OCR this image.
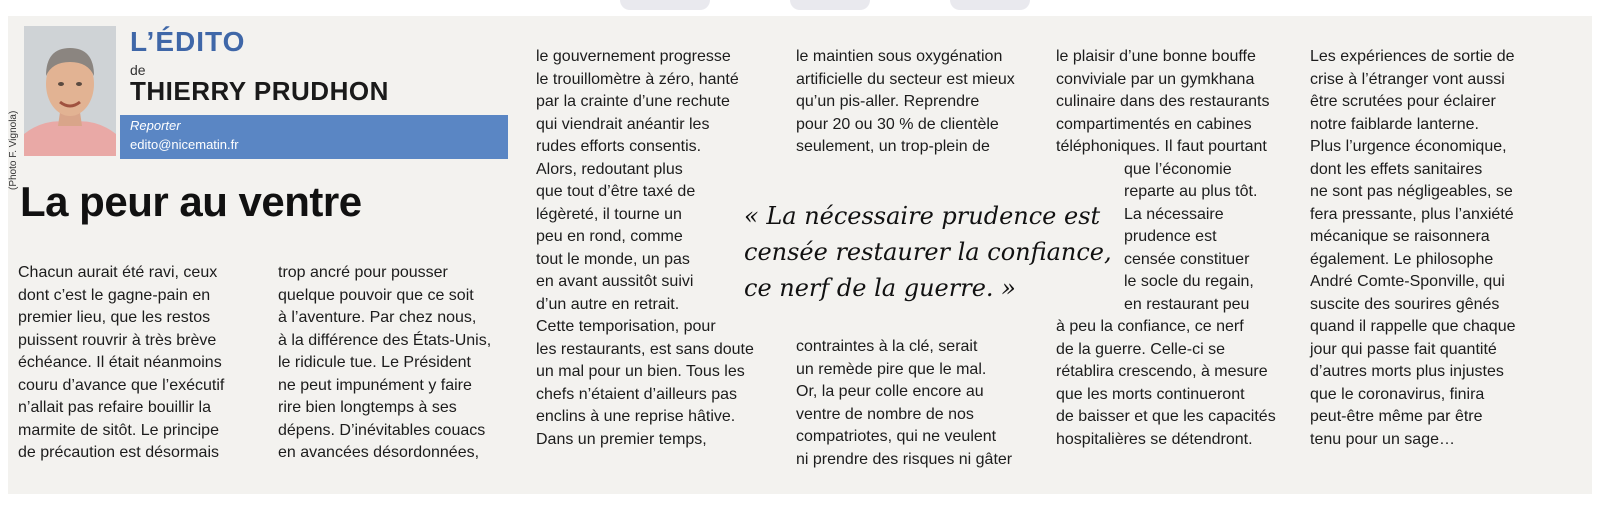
(Photo F. Vignola)
L’ÉDITO
de
THIERRY PRUDHON
Reporter
edito@nicematin.fr
La peur au ventre
Chacun aurait été ravi, ceux
dont c’est le gagne-pain en
premier lieu, que les restos
puissent rouvrir à très brève
échéance. Il était néanmoins
couru d’avance que l’exécutif
n’allait pas refaire bouillir la
marmite de sitôt. Le principe
de précaution est désormais
trop ancré pour pousser
quelque pouvoir que ce soit
à l’aventure. Par chez nous,
à la différence des États-Unis,
le ridicule tue. Le Président
ne peut impunément y faire
rire bien longtemps à ses
dépens. D’inévitables couacs
en avancées désordonnées,
le gouvernement progresse
le trouillomètre à zéro, hanté
par la crainte d’une rechute
qui viendrait anéantir les
rudes efforts consentis.
Alors, redoutant plus
que tout d’être taxé de
légèreté, il tourne un
peu en rond, comme
tout le monde, un pas
en avant aussitôt suivi
d’un autre en retrait.
Cette temporisation, pour
les restaurants, est sans doute
un mal pour un bien. Tous les
chefs n’étaient d’ailleurs pas
enclins à une reprise hâtive.
Dans un premier temps,
le maintien sous oxygénation
artificielle du secteur est mieux
qu’un pis-aller. Reprendre
pour 20 ou 30 % de clientèle
seulement, un trop-plein de
contraintes à la clé, serait
un remède pire que le mal.
Or, la peur colle encore au
ventre de nombre de nos
compatriotes, qui ne veulent
ni prendre des risques ni gâter
le plaisir d’une bonne bouffe
conviviale par un gymkhana
culinaire dans des restaurants
compartimentés en cabines
téléphoniques. Il faut pourtant
que l’économie
reparte au plus tôt.
La nécessaire
prudence est
censée constituer
le socle du regain,
en restaurant peu
à peu la confiance, ce nerf
de la guerre. Celle-ci se
rétablira crescendo, à mesure
que les morts continueront
de baisser et que les capacités
hospitalières se détendront.
Les expériences de sortie de
crise à l’étranger vont aussi
être scrutées pour éclairer
notre faiblarde lanterne.
Plus l’urgence économique,
dont les effets sanitaires
ne sont pas négligeables, se
fera pressante, plus l’anxiété
mécanique se raisonnera
également. Le philosophe
André Comte-Sponville, qui
suscite des sourires gênés
quand il rappelle que chaque
jour qui passe fait quantité
d’autres morts plus injustes
que le coronavirus, finira
peut-être même par être
tenu pour un sage…
« La nécessaire prudence est
censée restaurer la confiance,
ce nerf de la guerre. »
